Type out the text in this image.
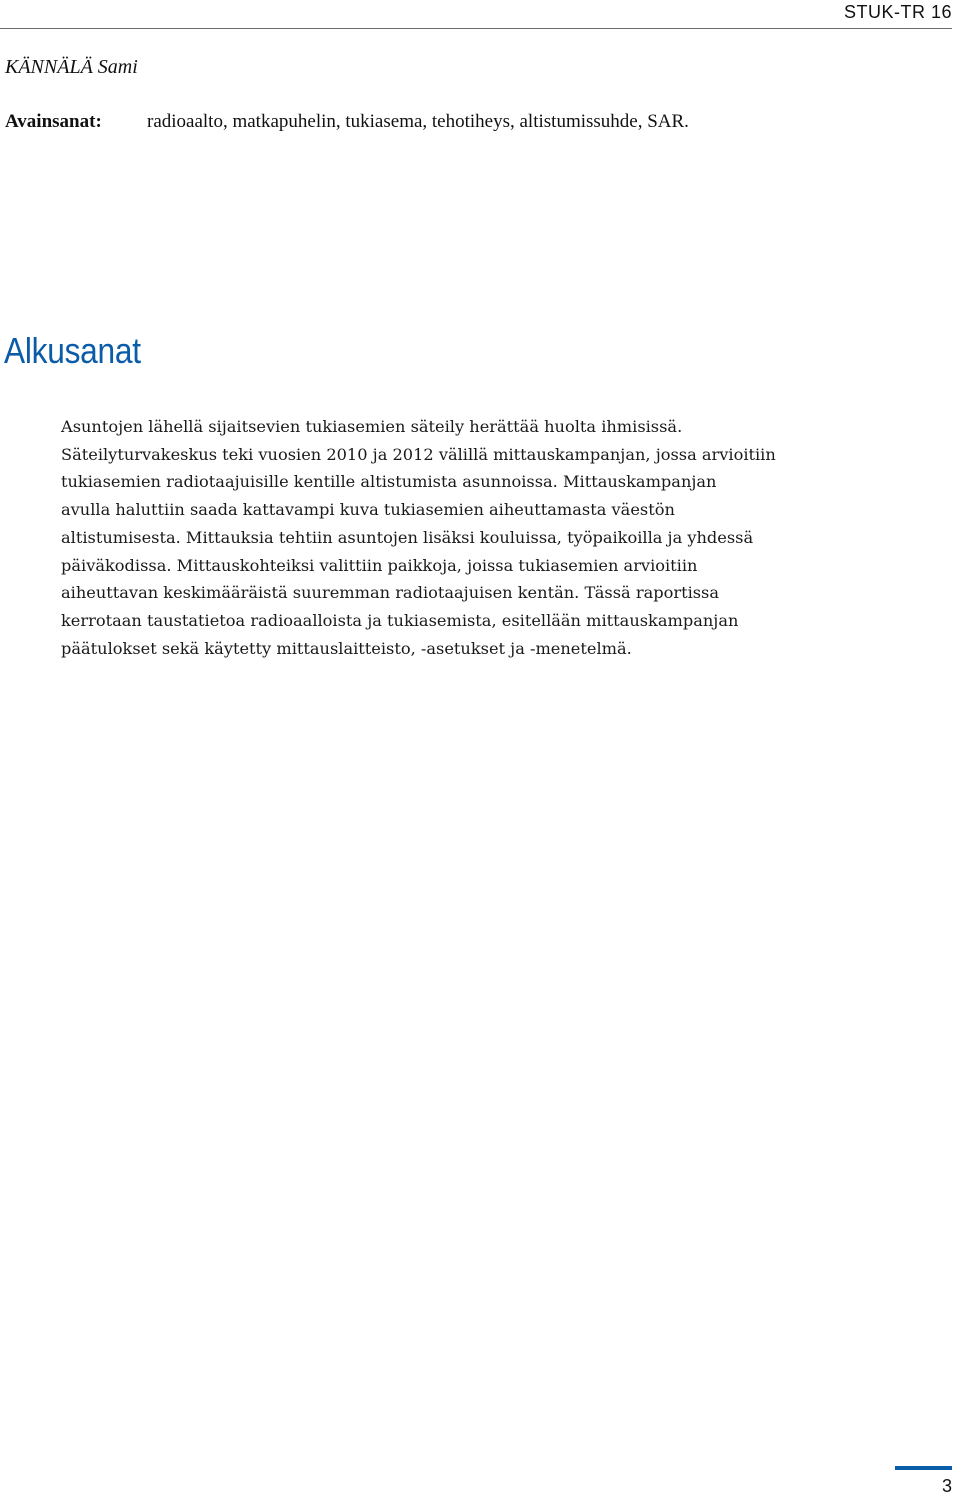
STUK-TR 16
KÄNNÄLÄ Sami
Avainsanat: radioaalto, matkapuhelin, tukiasema, tehotiheys, altistumissuhde, SAR.
Alkusanat
Asuntojen lähellä sijaitsevien tukiasemien säteily herättää huolta ihmisissä.
Säteilyturvakeskus teki vuosien 2010 ja 2012 välillä mittauskampanjan, jossa arvioitiin
tukiasemien radiotaajuisille kentille altistumista asunnoissa. Mittauskampanjan
avulla haluttiin saada kattavampi kuva tukiasemien aiheuttamasta väestön
altistumisesta. Mittauksia tehtiin asuntojen lisäksi kouluissa, työpaikoilla ja yhdessä
päiväkodissa. Mittauskohteiksi valittiin paikkoja, joissa tukiasemien arvioitiin
aiheuttavan keskimääräistä suuremman radiotaajuisen kentän. Tässä raportissa
kerrotaan taustatietoa radioaalloista ja tukiasemista, esitellään mittauskampanjan
päätulokset sekä käytetty mittauslaitteisto, -asetukset ja -menetelmä.
3
